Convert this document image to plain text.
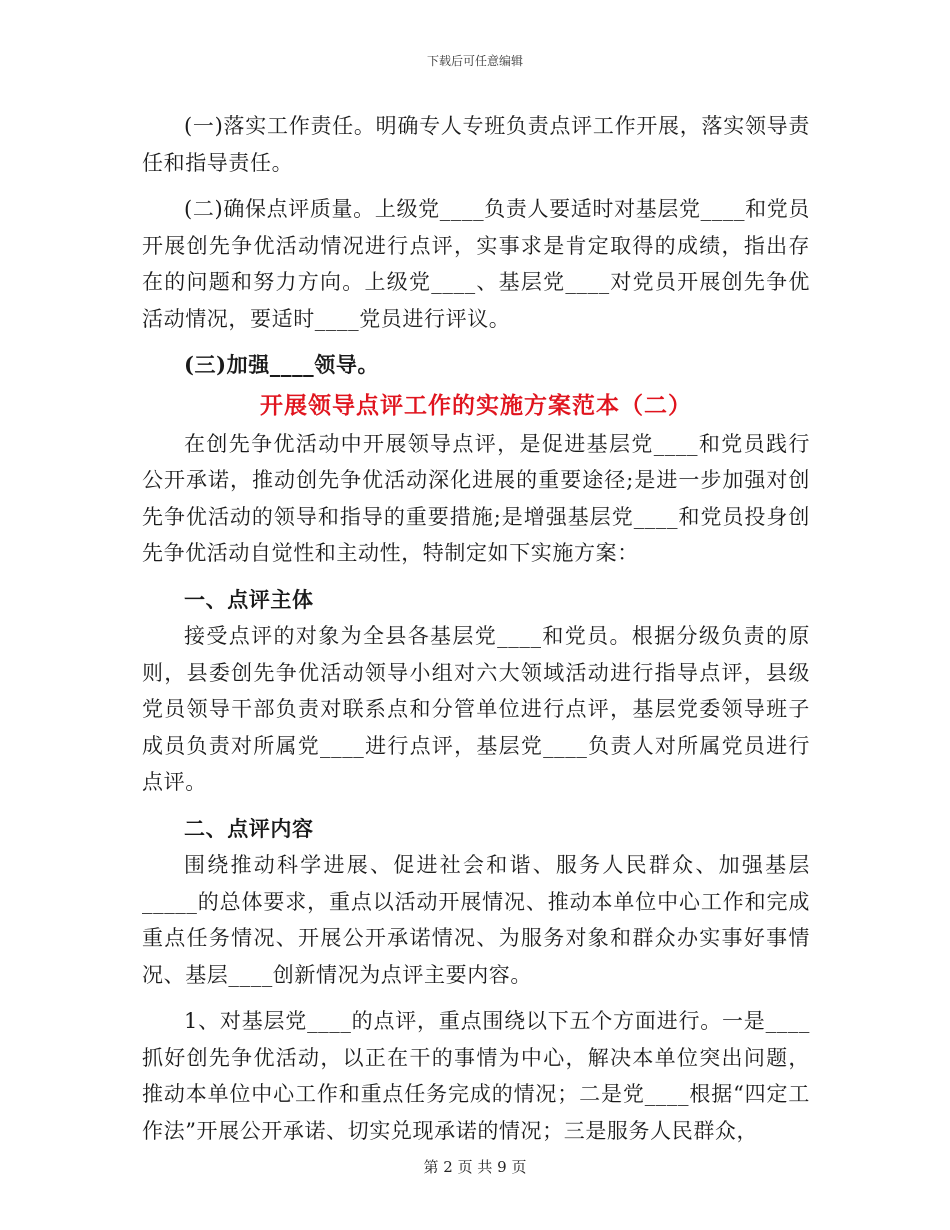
下载后可任意编辑

(一)落实工作责任。明确专人专班负责点评工作开展，落实领导责任和指导责任。

(二)确保点评质量。上级党____负责人要适时对基层党____和党员开展创先争优活动情况进行点评，实事求是肯定取得的成绩，指出存在的问题和努力方向。上级党____、基层党____对党员开展创先争优活动情况，要适时____党员进行评议。

(三)加强____领导。

开展领导点评工作的实施方案范本（二）

在创先争优活动中开展领导点评，是促进基层党____和党员践行公开承诺，推动创先争优活动深化进展的重要途径;是进一步加强对创先争优活动的领导和指导的重要措施;是增强基层党____和党员投身创先争优活动自觉性和主动性，特制定如下实施方案：

一、点评主体

接受点评的对象为全县各基层党____和党员。根据分级负责的原则，县委创先争优活动领导小组对六大领域活动进行指导点评，县级党员领导干部负责对联系点和分管单位进行点评，基层党委领导班子成员负责对所属党____进行点评，基层党____负责人对所属党员进行点评。

二、点评内容

围绕推动科学进展、促进社会和谐、服务人民群众、加强基层_____的总体要求，重点以活动开展情况、推动本单位中心工作和完成重点任务情况、开展公开承诺情况、为服务对象和群众办实事好事情况、基层____创新情况为点评主要内容。

1、对基层党____的点评，重点围绕以下五个方面进行。一是____抓好创先争优活动，以正在干的事情为中心，解决本单位突出问题，推动本单位中心工作和重点任务完成的情况；二是党____根据“四定工作法”开展公开承诺、切实兑现承诺的情况；三是服务人民群众，

第 2 页 共 9 页
